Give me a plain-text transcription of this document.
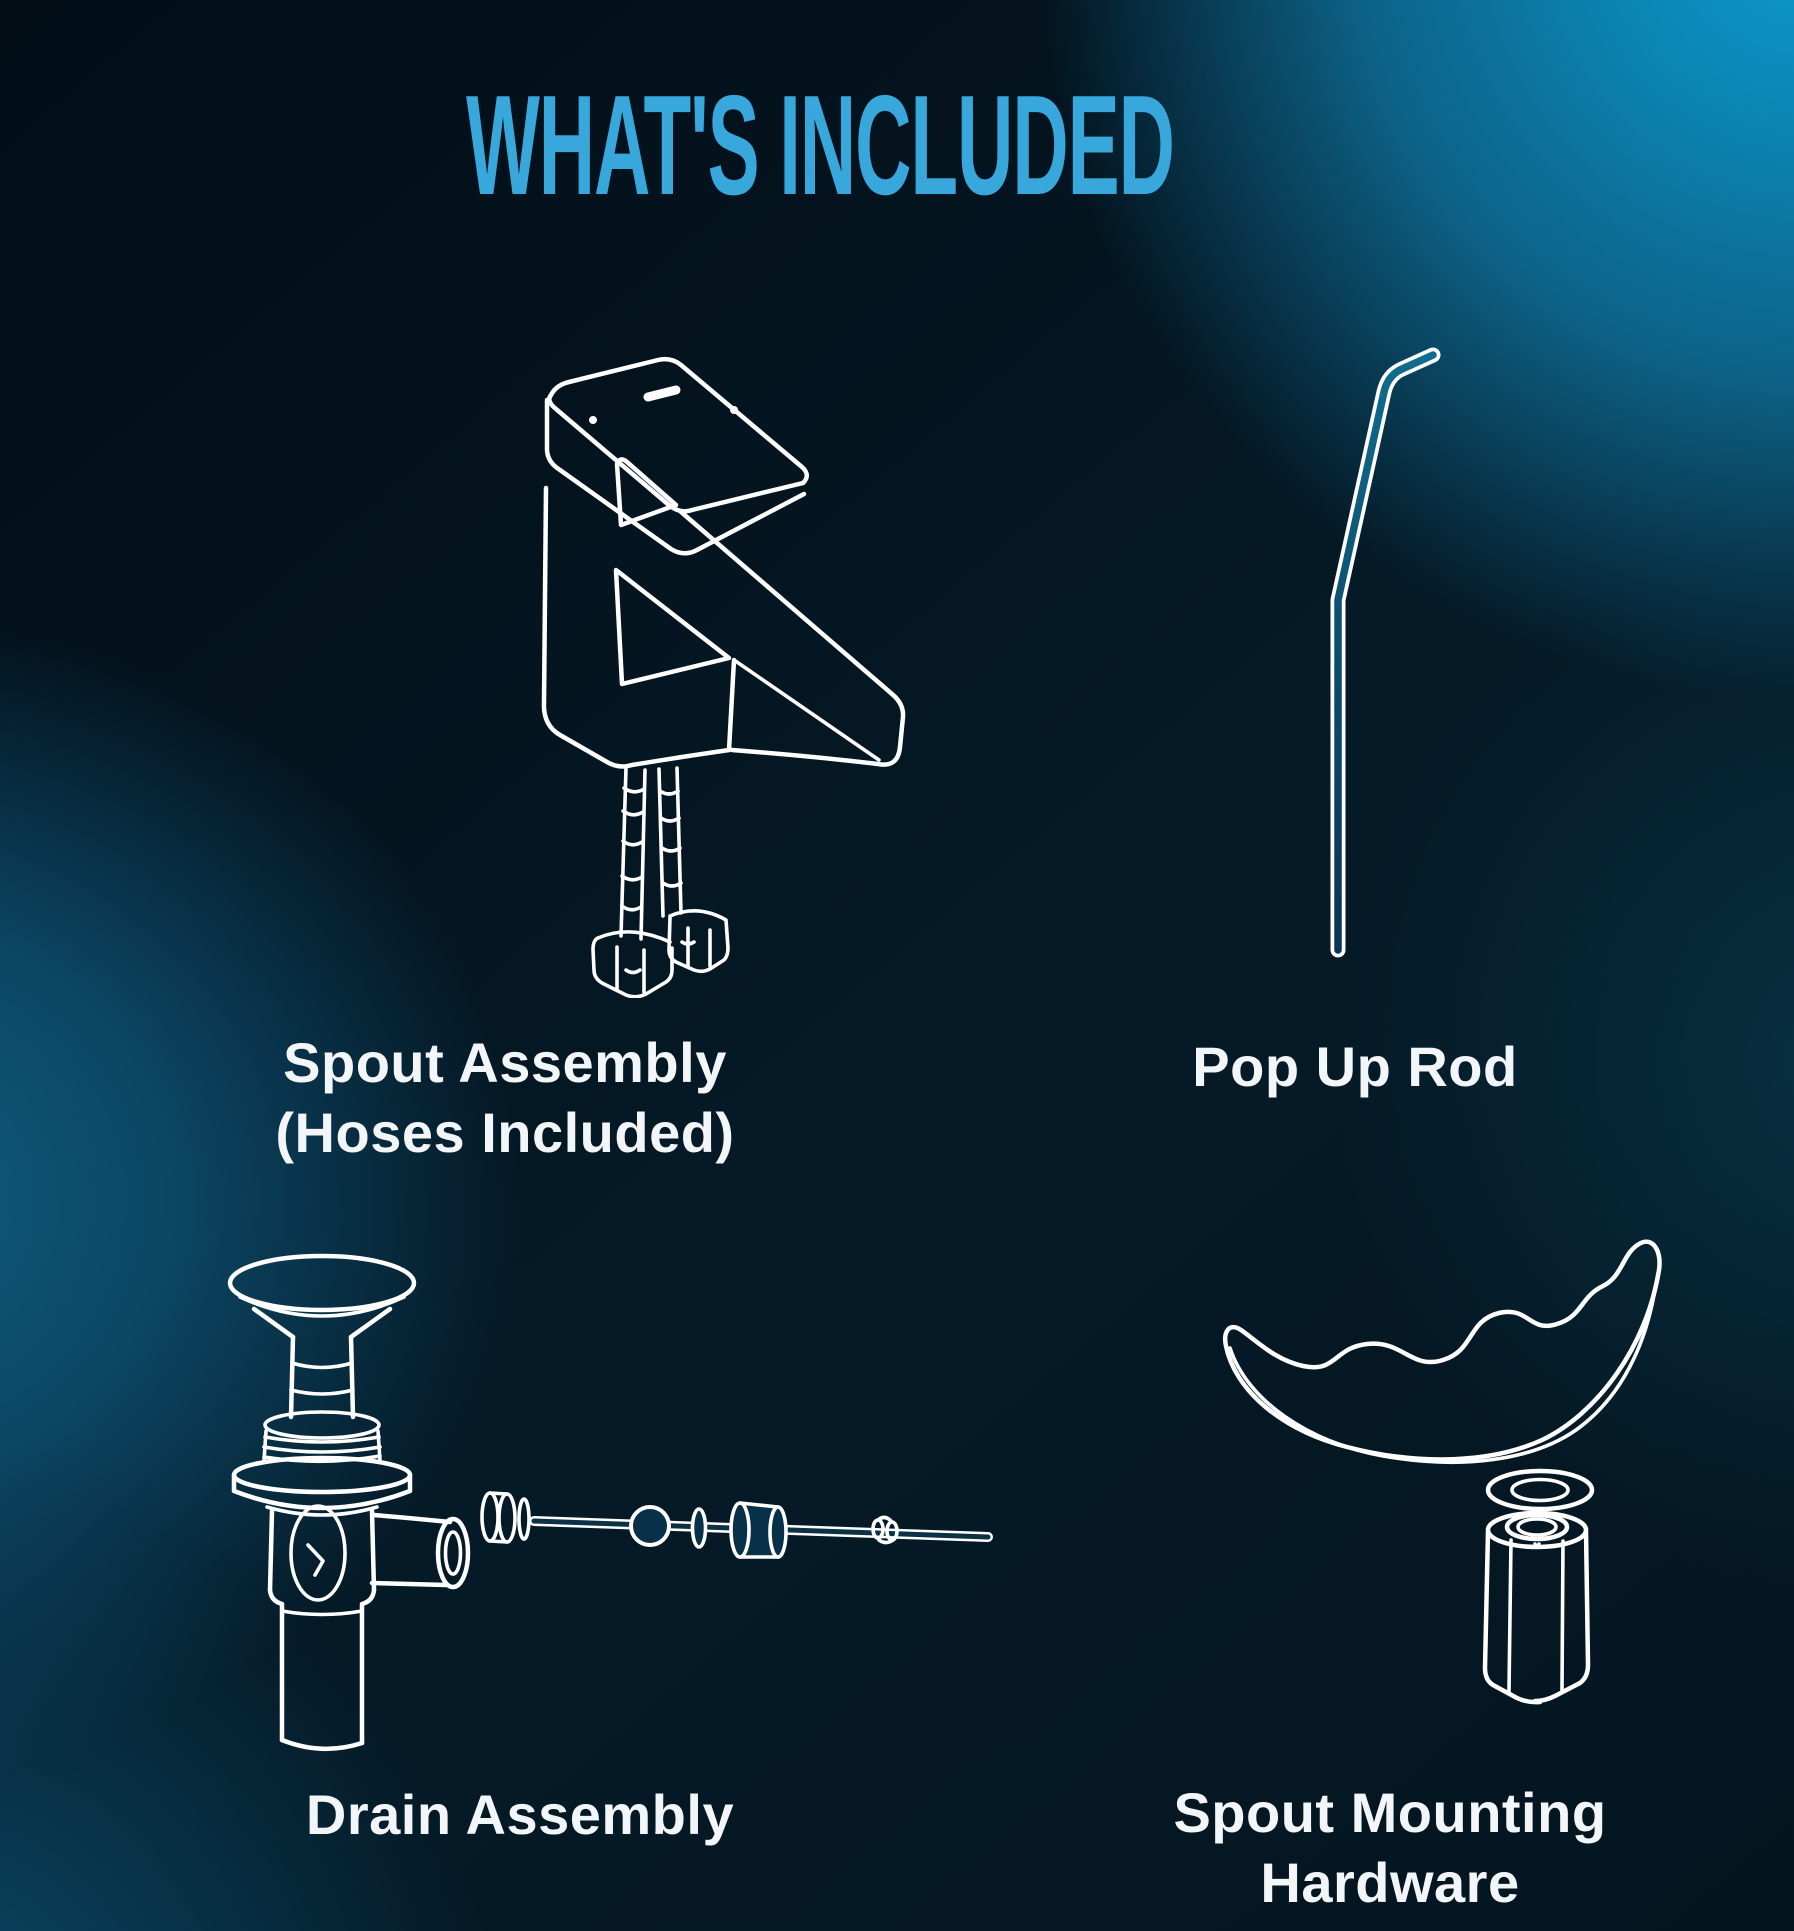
WHAT'S INCLUDED
Spout Assembly
(Hoses Included)
Pop Up Rod
Drain Assembly	Spout Mounting
Hardware
